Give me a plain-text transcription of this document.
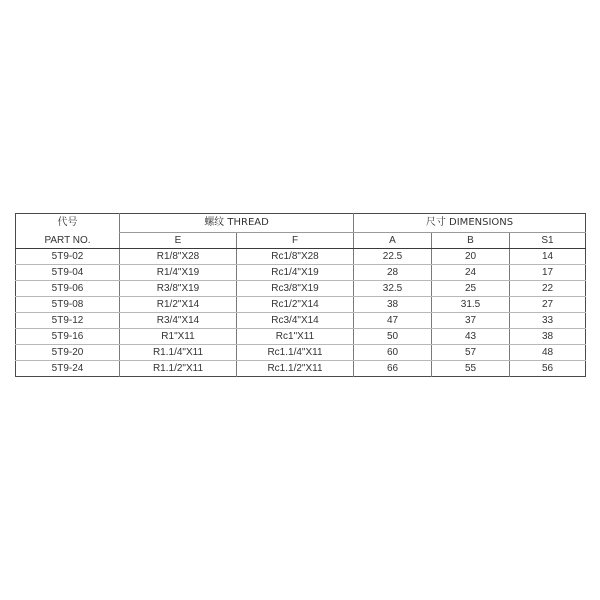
代号	螺纹 THREAD		尺寸 DIMENSIONS		
PART NO.	E	F	A	B	S1
5T9-02	R1/8"X28	Rc1/8"X28	22.5	20	14
5T9-04	R1/4"X19	Rc1/4"X19	28	24	17
5T9-06	R3/8"X19	Rc3/8"X19	32.5	25	22
5T9-08	R1/2"X14	Rc1/2"X14	38	31.5	27
5T9-12	R3/4"X14	Rc3/4"X14	47	37	33
5T9-16	R1"X11	Rc1"X11	50	43	38
5T9-20	R1.1/4"X11	Rc1.1/4"X11	60	57	48
5T9-24	R1.1/2"X11	Rc1.1/2"X11	66	55	56
